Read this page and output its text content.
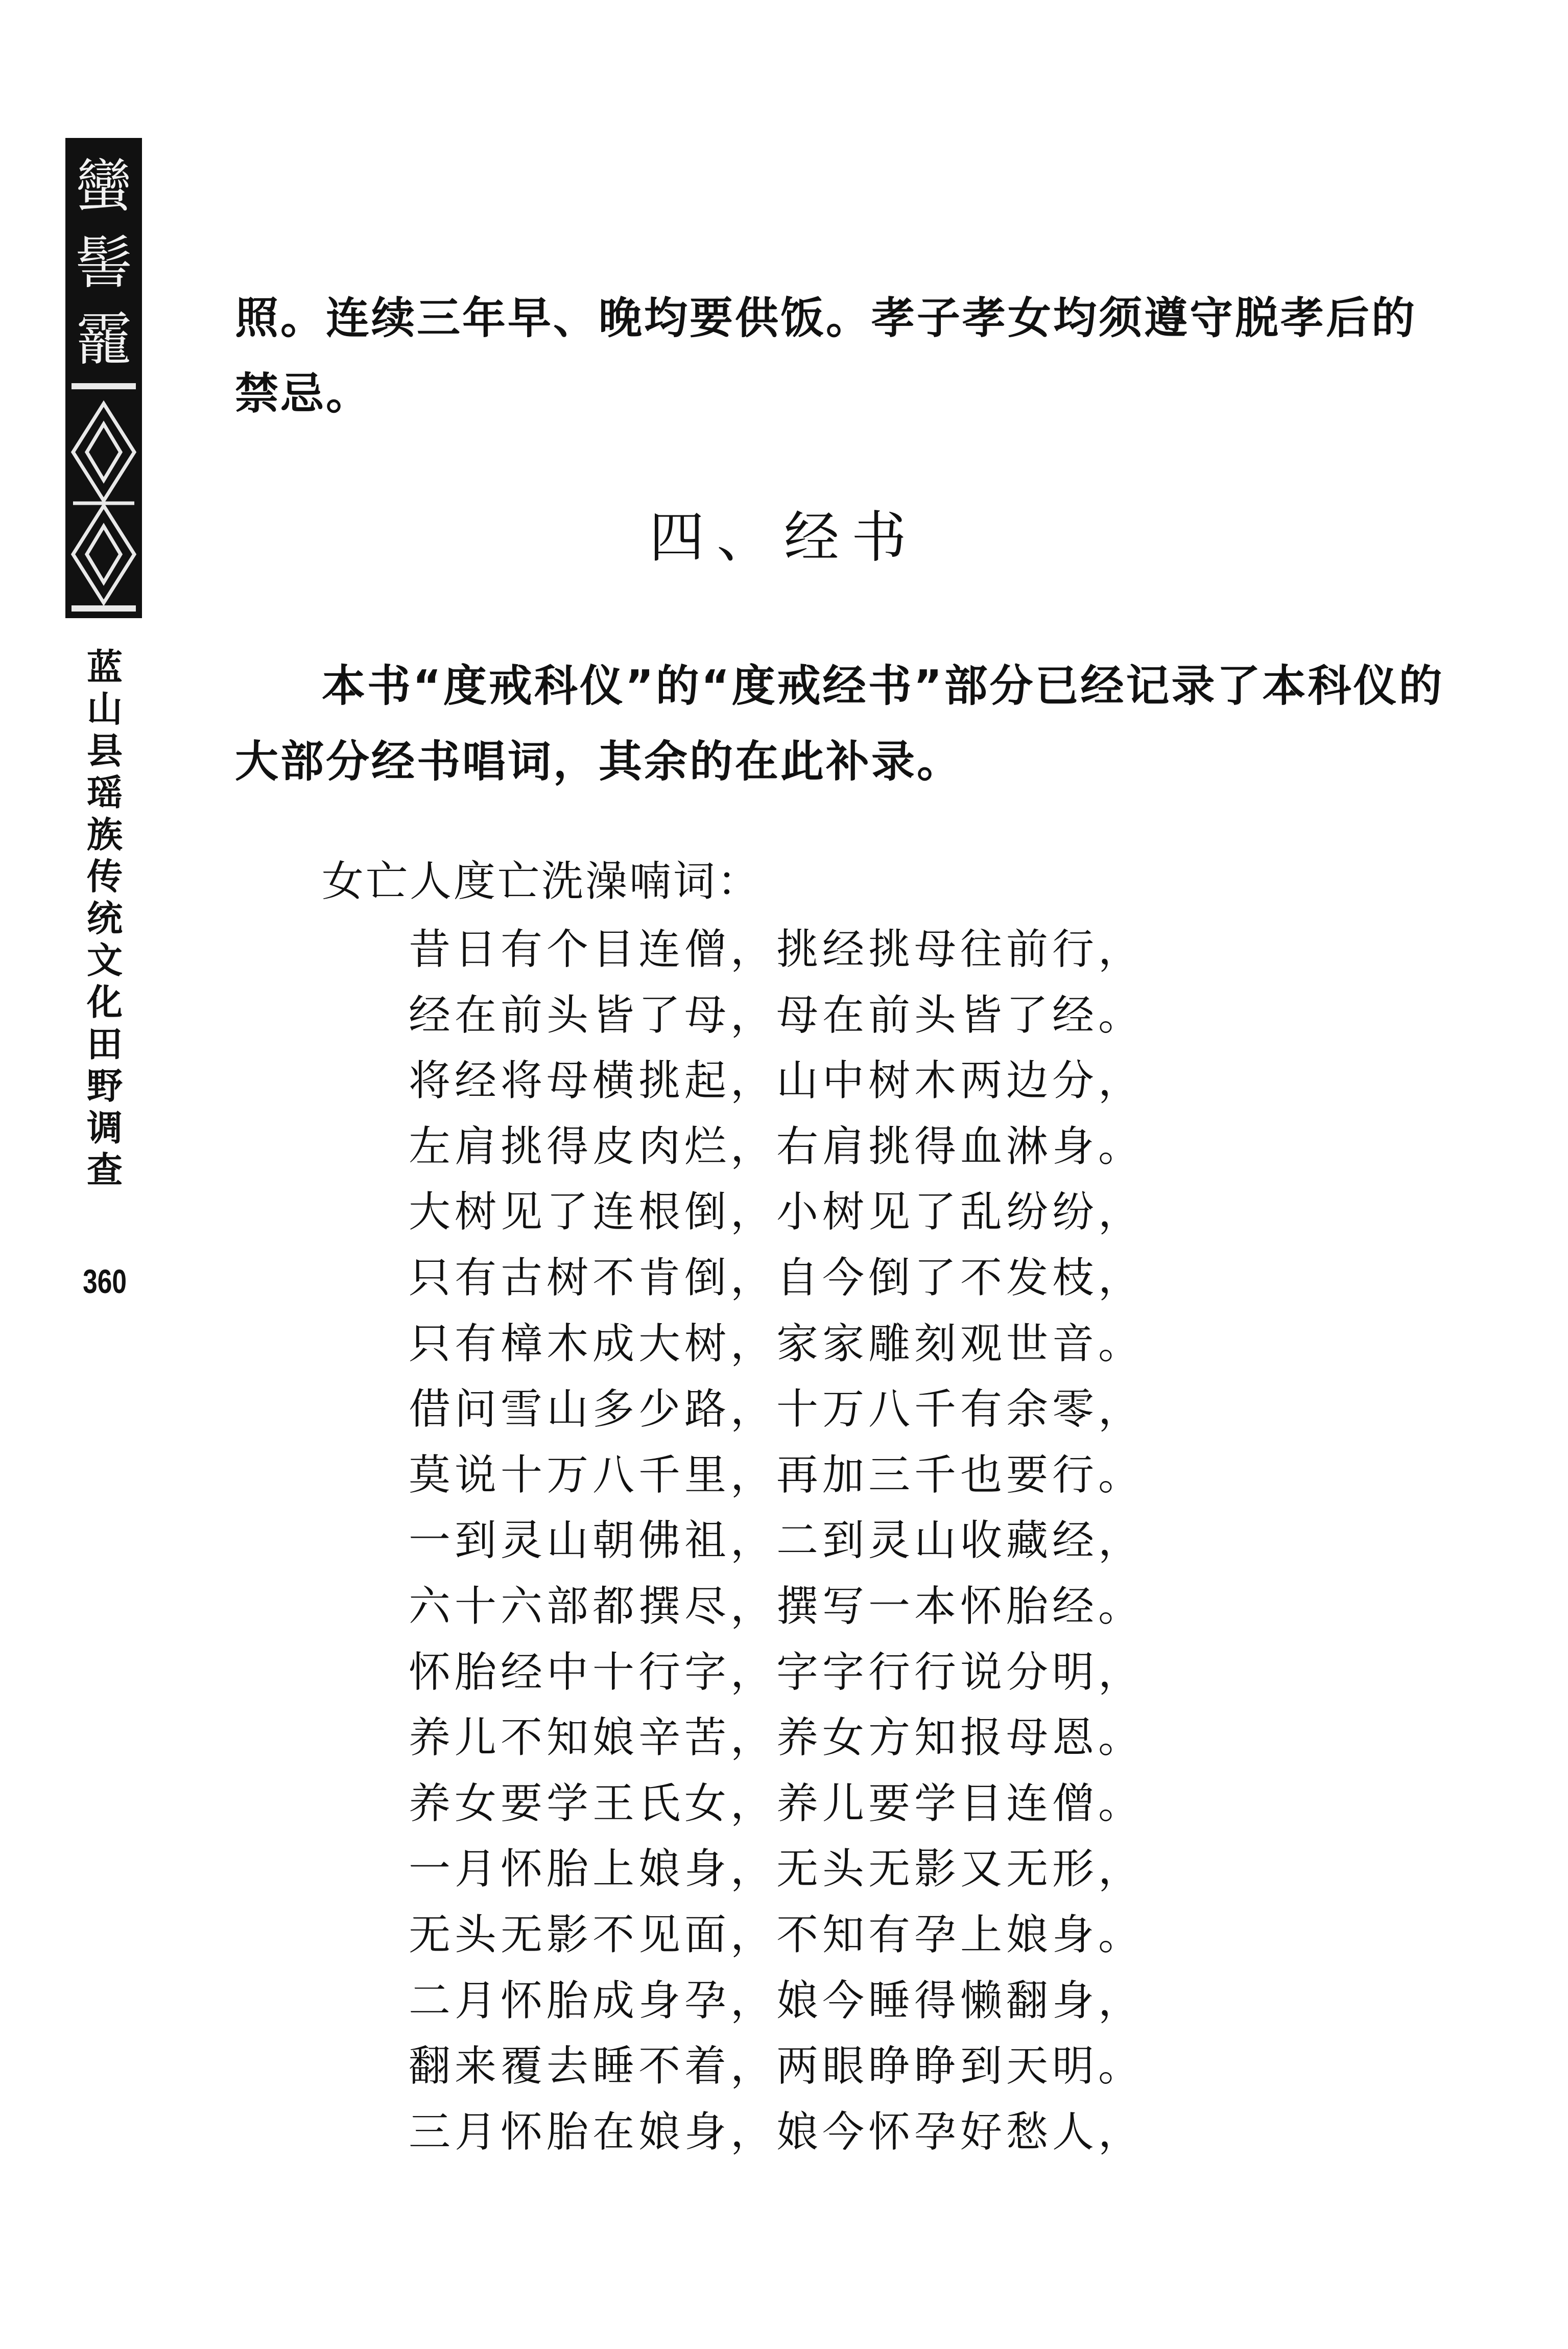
蠻
髻
靇
蓝山县瑶族传统文化田野调查
360
照。连续三年早、晚均要供饭。孝子孝女均须遵守脱孝后的禁忌。
四、经书
本书“度戒科仪”的“度戒经书”部分已经记录了本科仪的大部分经书唱词，其余的在此补录。
女亡人度亡洗澡喃词：
昔日有个目连僧，挑经挑母往前行，
经在前头皆了母，母在前头皆了经。
将经将母横挑起，山中树木两边分，
左肩挑得皮肉烂，右肩挑得血淋身。
大树见了连根倒，小树见了乱纷纷，
只有古树不肯倒，自今倒了不发枝，
只有樟木成大树，家家雕刻观世音。
借问雪山多少路，十万八千有余零，
莫说十万八千里，再加三千也要行。
一到灵山朝佛祖，二到灵山收藏经，
六十六部都撰尽，撰写一本怀胎经。
怀胎经中十行字，字字行行说分明，
养儿不知娘辛苦，养女方知报母恩。
养女要学王氏女，养儿要学目连僧。
一月怀胎上娘身，无头无影又无形，
无头无影不见面，不知有孕上娘身。
二月怀胎成身孕，娘今睡得懒翻身，
翻来覆去睡不着，两眼睁睁到天明。
三月怀胎在娘身，娘今怀孕好愁人，
